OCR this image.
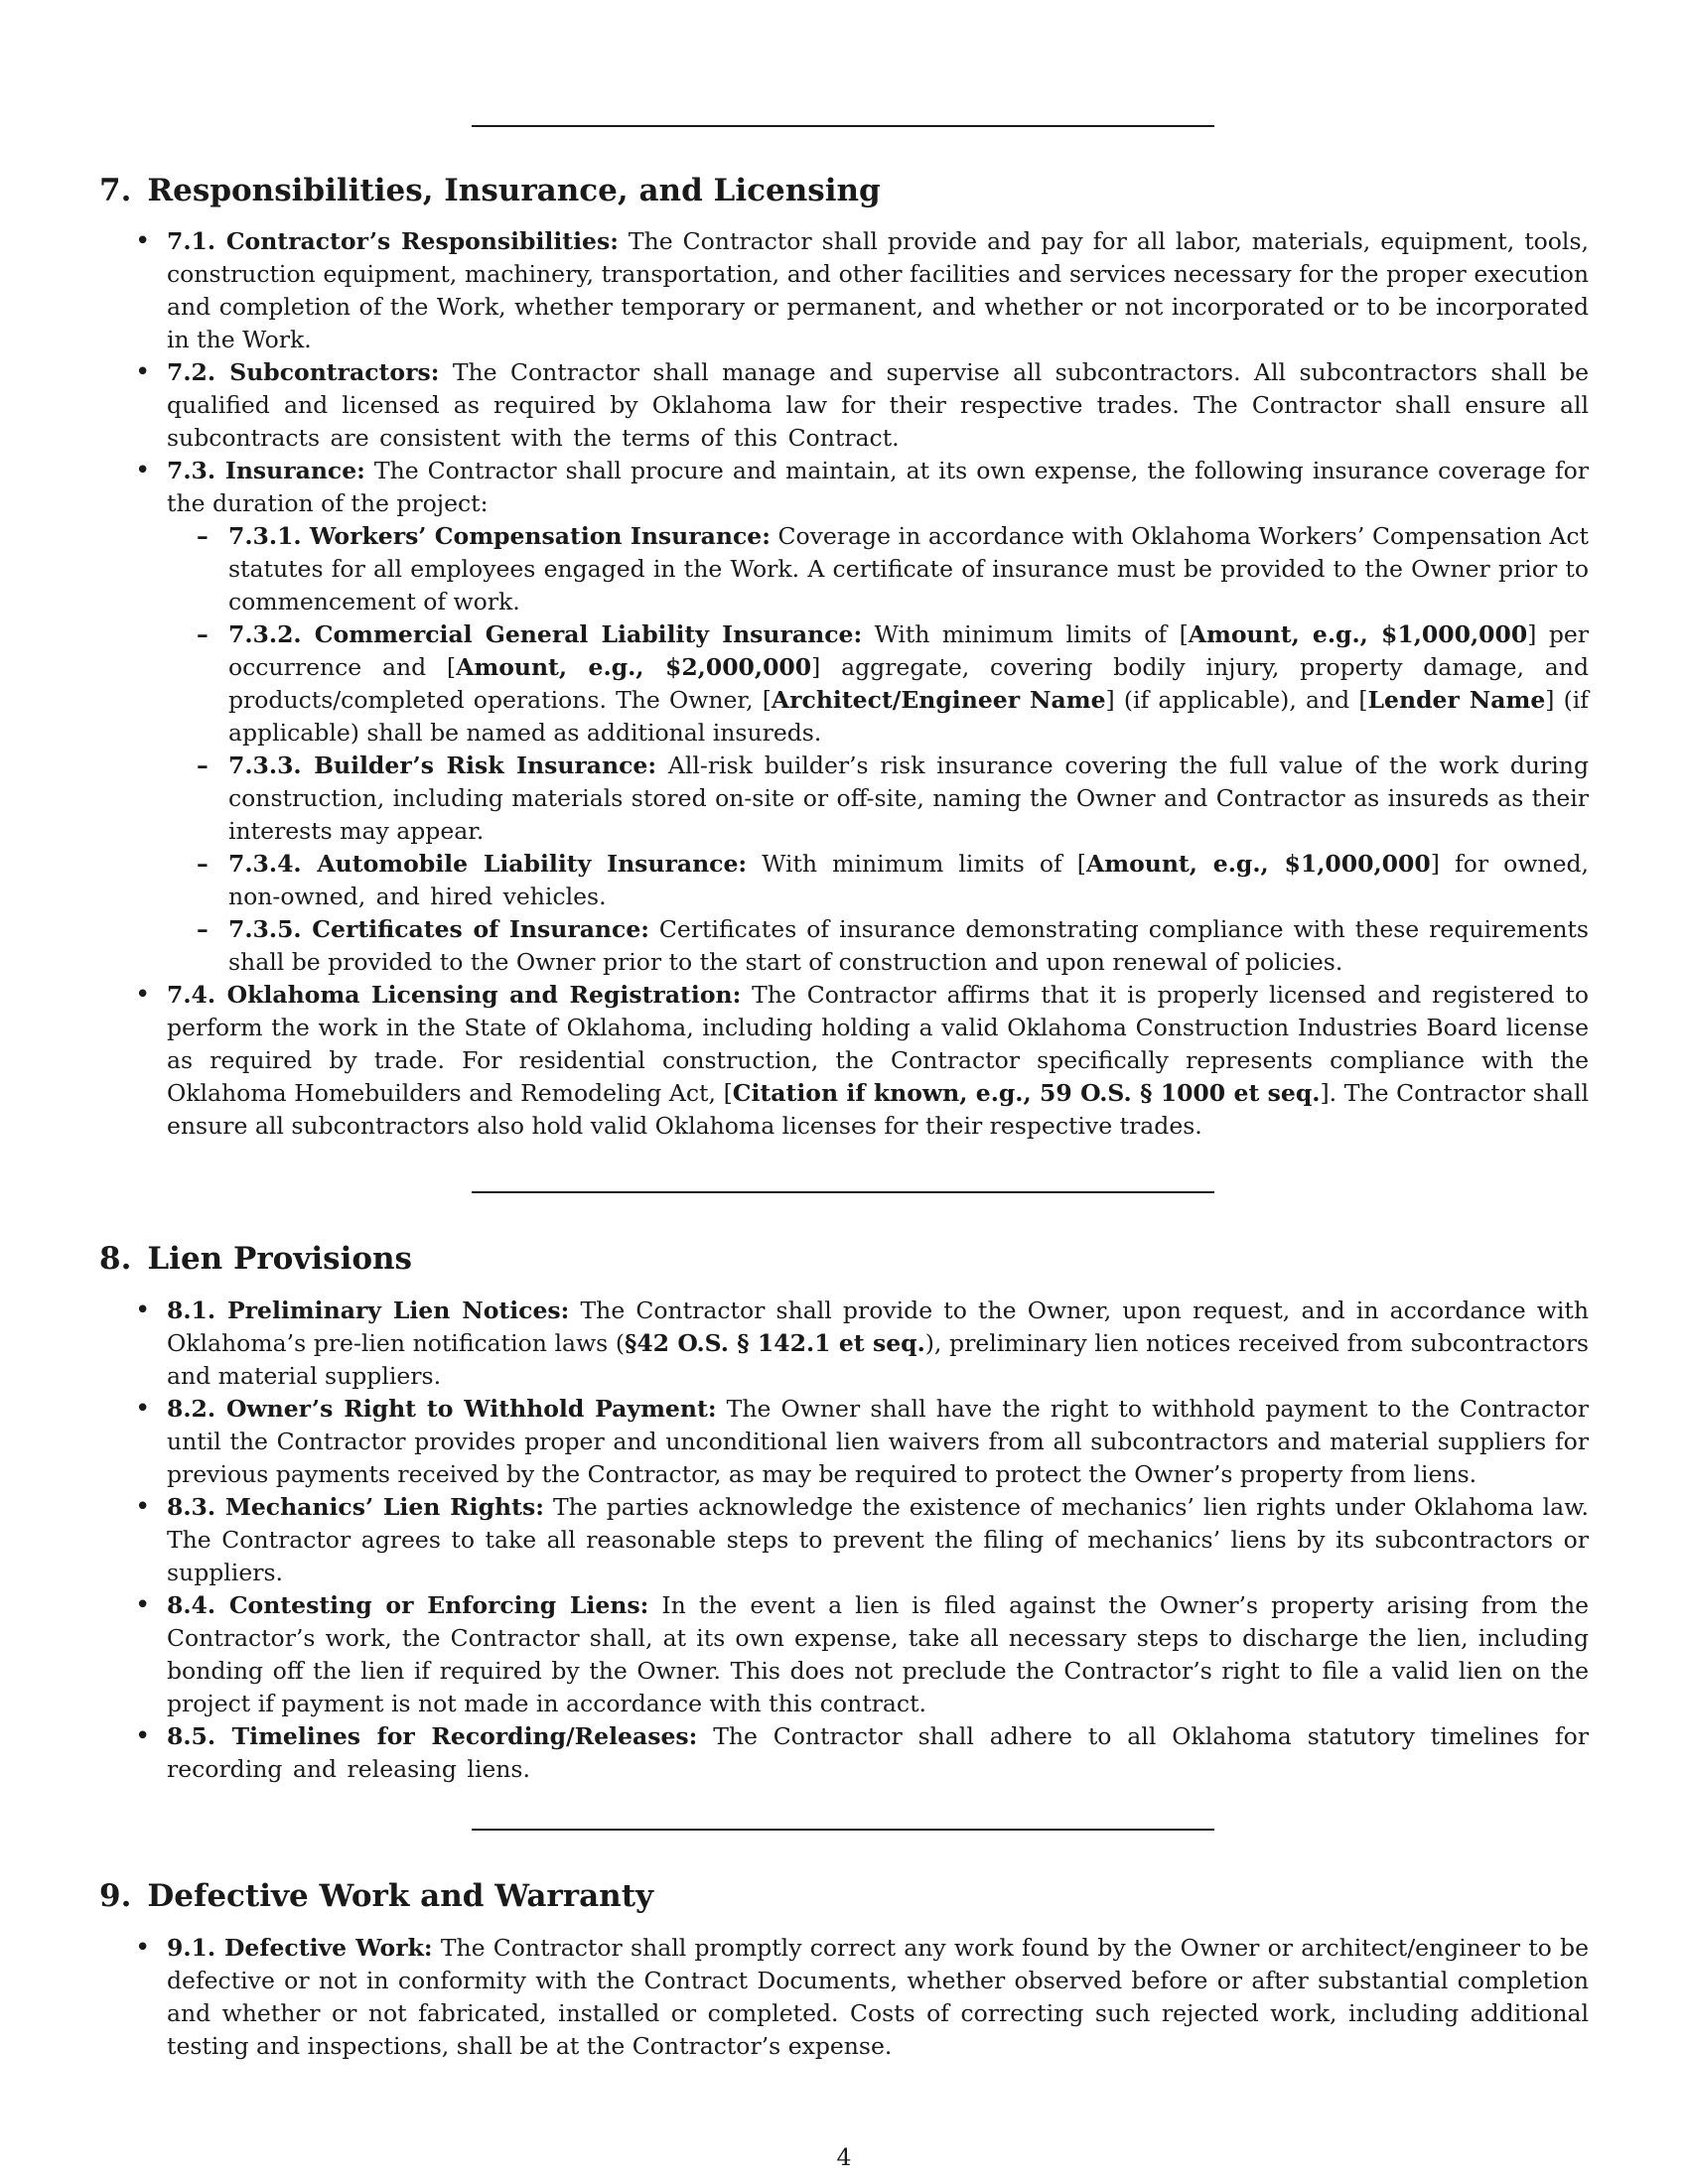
7. Responsibilities, Insurance, and Licensing
• 7.1. Contractor’s Responsibilities: The Contractor shall provide and pay for all labor, materials, equipment, tools, construction equipment, machinery, transportation, and other facilities and services necessary for the proper execution and completion of the Work, whether temporary or permanent, and whether or not incorporated or to be incorporated in the Work.
• 7.2. Subcontractors: The Contractor shall manage and supervise all subcontractors. All subcontractors shall be qualified and licensed as required by Oklahoma law for their respective trades. The Contractor shall ensure all subcontracts are consistent with the terms of this Contract.
• 7.3. Insurance: The Contractor shall procure and maintain, at its own expense, the following insurance coverage for the duration of the project:
– 7.3.1. Workers’ Compensation Insurance: Coverage in accordance with Oklahoma Workers’ Compensation Act statutes for all employees engaged in the Work. A certificate of insurance must be provided to the Owner prior to commencement of work.
– 7.3.2. Commercial General Liability Insurance: With minimum limits of [Amount, e.g., $1,000,000] per occurrence and [Amount, e.g., $2,000,000] aggregate, covering bodily injury, property damage, and products/completed operations. The Owner, [Architect/Engineer Name] (if applicable), and [Lender Name] (if applicable) shall be named as additional insureds.
– 7.3.3. Builder’s Risk Insurance: All-risk builder’s risk insurance covering the full value of the work during construction, including materials stored on-site or off-site, naming the Owner and Contractor as insureds as their interests may appear.
– 7.3.4. Automobile Liability Insurance: With minimum limits of [Amount, e.g., $1,000,000] for owned, non-owned, and hired vehicles.
– 7.3.5. Certificates of Insurance: Certificates of insurance demonstrating compliance with these requirements shall be provided to the Owner prior to the start of construction and upon renewal of policies.
• 7.4. Oklahoma Licensing and Registration: The Contractor affirms that it is properly licensed and registered to perform the work in the State of Oklahoma, including holding a valid Oklahoma Construction Industries Board license as required by trade. For residential construction, the Contractor specifically represents compliance with the Oklahoma Homebuilders and Remodeling Act, [Citation if known, e.g., 59 O.S. § 1000 et seq.]. The Contractor shall ensure all subcontractors also hold valid Oklahoma licenses for their respective trades.
8. Lien Provisions
• 8.1. Preliminary Lien Notices: The Contractor shall provide to the Owner, upon request, and in accordance with Oklahoma’s pre-lien notification laws (§42 O.S. § 142.1 et seq.), preliminary lien notices received from subcontractors and material suppliers.
• 8.2. Owner’s Right to Withhold Payment: The Owner shall have the right to withhold payment to the Contractor until the Contractor provides proper and unconditional lien waivers from all subcontractors and material suppliers for previous payments received by the Contractor, as may be required to protect the Owner’s property from liens.
• 8.3. Mechanics’ Lien Rights: The parties acknowledge the existence of mechanics’ lien rights under Oklahoma law. The Contractor agrees to take all reasonable steps to prevent the filing of mechanics’ liens by its subcontractors or suppliers.
• 8.4. Contesting or Enforcing Liens: In the event a lien is filed against the Owner’s property arising from the Contractor’s work, the Contractor shall, at its own expense, take all necessary steps to discharge the lien, including bonding off the lien if required by the Owner. This does not preclude the Contractor’s right to file a valid lien on the project if payment is not made in accordance with this contract.
• 8.5. Timelines for Recording/Releases: The Contractor shall adhere to all Oklahoma statutory timelines for recording and releasing liens.
9. Defective Work and Warranty
• 9.1. Defective Work: The Contractor shall promptly correct any work found by the Owner or architect/engineer to be defective or not in conformity with the Contract Documents, whether observed before or after substantial completion and whether or not fabricated, installed or completed. Costs of correcting such rejected work, including additional testing and inspections, shall be at the Contractor’s expense.
4
